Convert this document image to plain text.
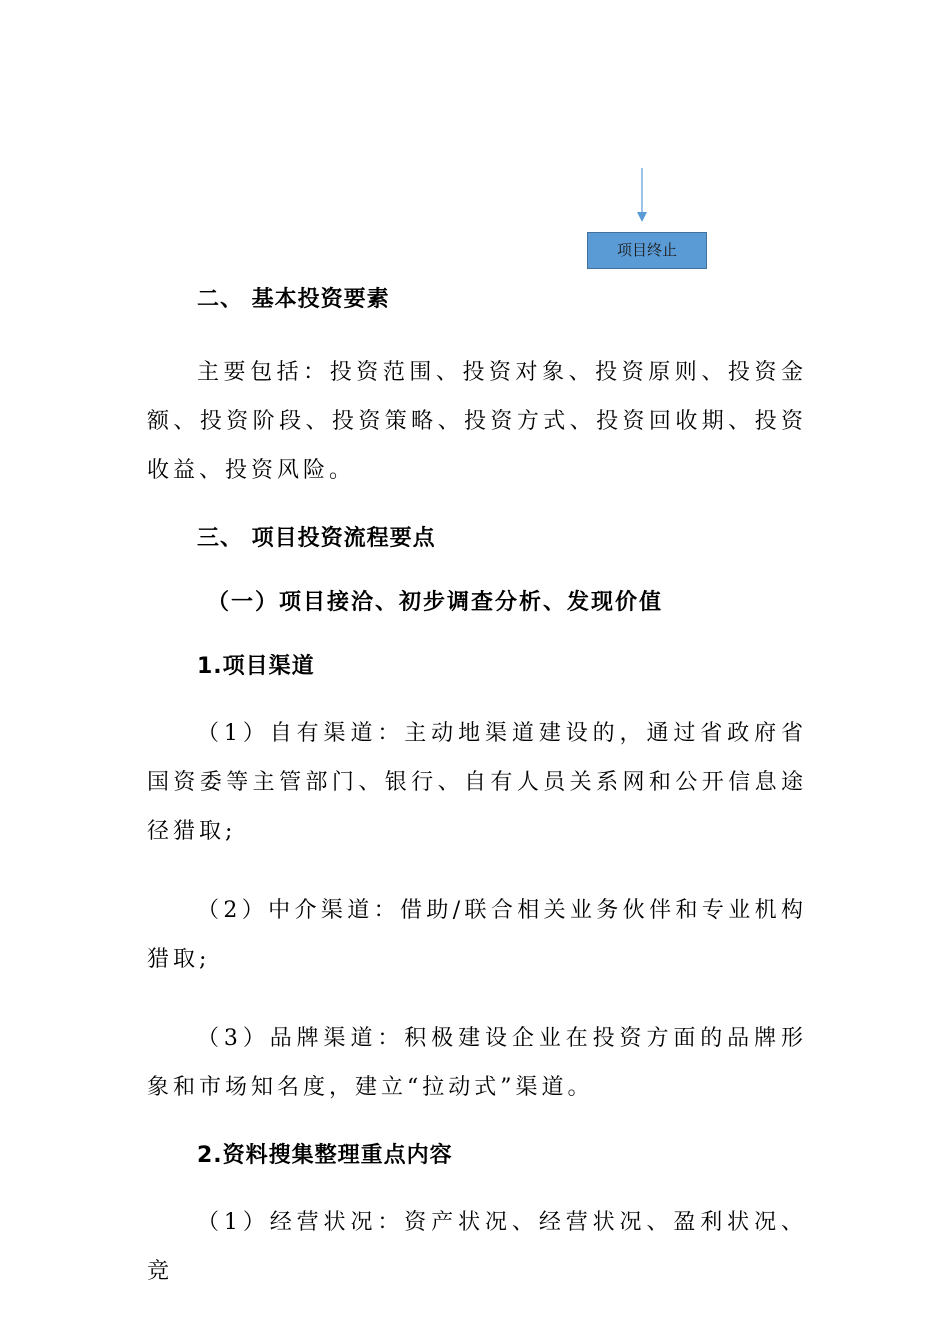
项目终止
二、 基本投资要素

主要包括：投资范围、投资对象、投资原则、投资金额、投资阶段、投资策略、投资方式、投资回收期、投资收益、投资风险。

三、 项目投资流程要点
（一）项目接洽、初步调查分析、发现价值
1.项目渠道

（1）自有渠道：主动地渠道建设的，通过省政府省国资委等主管部门、银行、自有人员关系网和公开信息途径猎取;

（2）中介渠道：借助/联合相关业务伙伴和专业机构猎取;

（3）品牌渠道：积极建设企业在投资方面的品牌形象和市场知名度，建立“拉动式”渠道。

2.资料搜集整理重点内容

（1）经营状况：资产状况、经营状况、盈利状况、竞
